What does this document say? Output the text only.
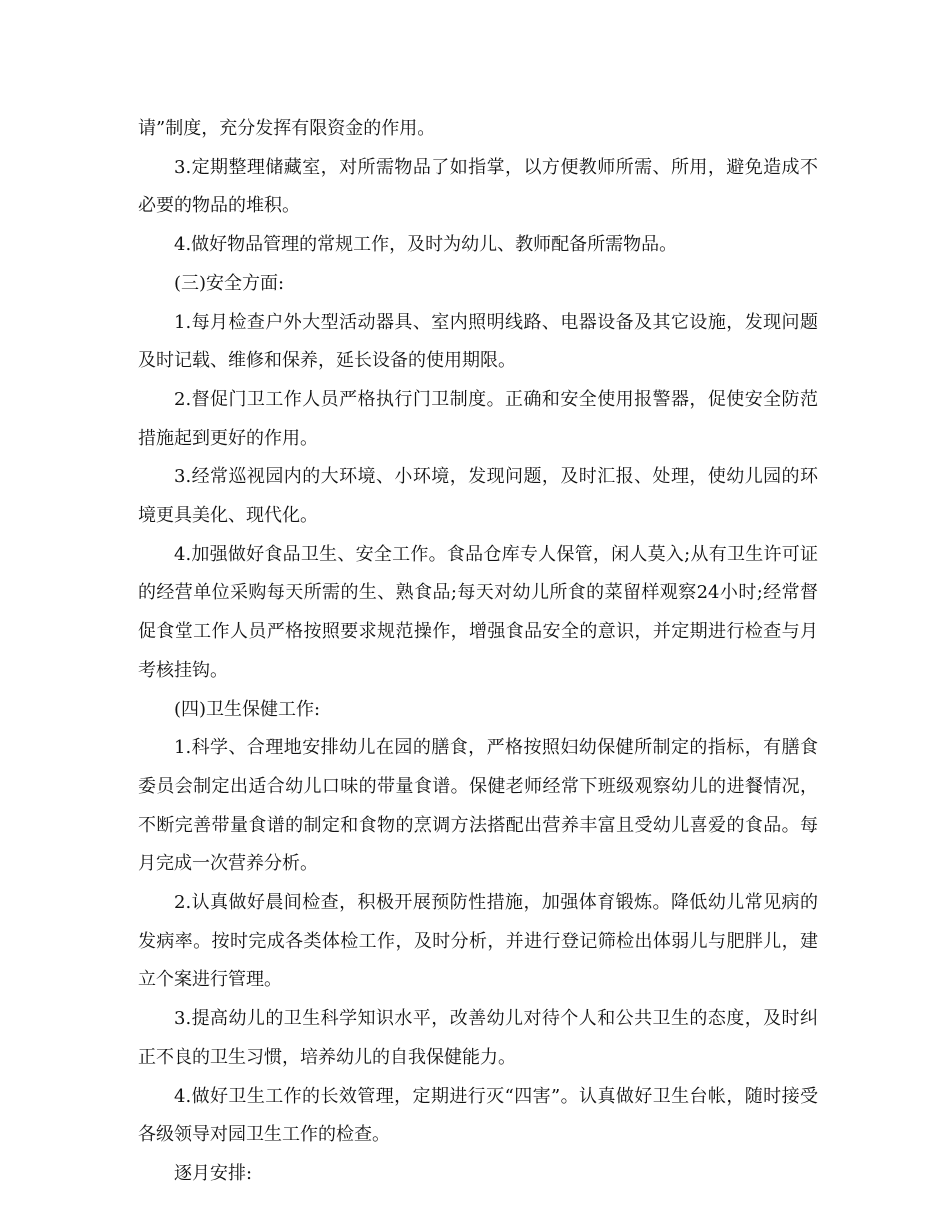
请”制度，充分发挥有限资金的作用。

3.定期整理储藏室，对所需物品了如指掌，以方便教师所需、所用，避免造成不必要的物品的堆积。

4.做好物品管理的常规工作，及时为幼儿、教师配备所需物品。

(三)安全方面:

1.每月检查户外大型活动器具、室内照明线路、电器设备及其它设施，发现问题及时记载、维修和保养，延长设备的使用期限。

2.督促门卫工作人员严格执行门卫制度。正确和安全使用报警器，促使安全防范措施起到更好的作用。

3.经常巡视园内的大环境、小环境，发现问题，及时汇报、处理，使幼儿园的环境更具美化、现代化。

4.加强做好食品卫生、安全工作。食品仓库专人保管，闲人莫入;从有卫生许可证的经营单位采购每天所需的生、熟食品;每天对幼儿所食的菜留样观察24小时;经常督促食堂工作人员严格按照要求规范操作，增强食品安全的意识，并定期进行检查与月考核挂钩。

(四)卫生保健工作:

1.科学、合理地安排幼儿在园的膳食，严格按照妇幼保健所制定的指标，有膳食委员会制定出适合幼儿口味的带量食谱。保健老师经常下班级观察幼儿的进餐情况，不断完善带量食谱的制定和食物的烹调方法搭配出营养丰富且受幼儿喜爱的食品。每月完成一次营养分析。

2.认真做好晨间检查，积极开展预防性措施，加强体育锻炼。降低幼儿常见病的发病率。按时完成各类体检工作，及时分析，并进行登记筛检出体弱儿与肥胖儿，建立个案进行管理。

3.提高幼儿的卫生科学知识水平，改善幼儿对待个人和公共卫生的态度，及时纠正不良的卫生习惯，培养幼儿的自我保健能力。

4.做好卫生工作的长效管理，定期进行灭“四害”。认真做好卫生台帐，随时接受各级领导对园卫生工作的检查。

逐月安排:
